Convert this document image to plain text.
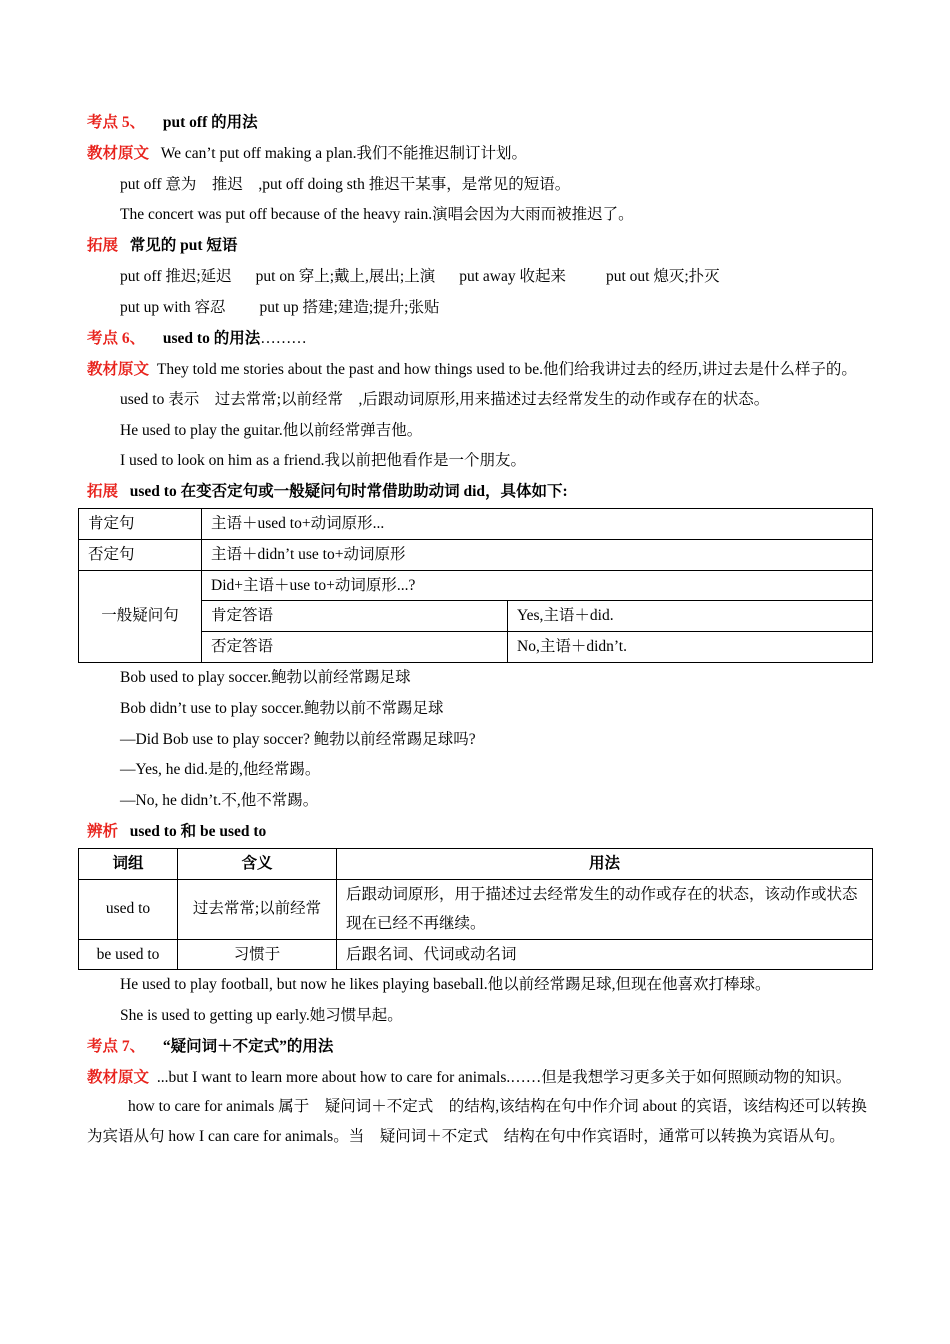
考点 5、 put off 的用法
教材原文 We can’t put off making a plan.我们不能推迟制订计划。
put off 意为　推迟　,put off doing sth 推迟干某事，是常见的短语。
The concert was put off because of the heavy rain.演唱会因为大雨而被推迟了。
拓展 常见的 put 短语
put off 推迟;延迟 put on 穿上;戴上,展出;上演 put away 收起来	put out 熄灭;扑灭
put up with 容忍 put up 搭建;建造;提升;张贴
考点 6、 used to 的用法………
教材原文 They told me stories about the past and how things used to be.他们给我讲过去的经历,讲过去是什么样子的。
used to 表示　过去常常;以前经常　,后跟动词原形,用来描述过去经常发生的动作或存在的状态。
He used to play the guitar.他以前经常弹吉他。
I used to look on him as a friend.我以前把他看作是一个朋友。
拓展 used to 在变否定句或一般疑问句时常借助助动词 did，具体如下:
肯定句	主语＋used to+动词原形...	
否定句	主语＋didn’t use to+动词原形	
一般疑问句	Did+主语＋use to+动词原形...?	
	肯定答语	Yes,主语＋did.
	否定答语	No,主语＋didn’t.
Bob used to play soccer.鲍勃以前经常踢足球
Bob didn’t use to play soccer.鲍勃以前不常踢足球
—Did Bob use to play soccer? 鲍勃以前经常踢足球吗?
—Yes, he did.是的,他经常踢。
—No, he didn’t.不,他不常踢。
辨析 used to 和 be used to
词组	含义	用法
used to	过去常常;以前经常	后跟动词原形，用于描述过去经常发生的动作或存在的状态，该动作或状态现在已经不再继续。
be used to	习惯于	后跟名词、代词或动名词
He used to play football, but now he likes playing baseball.他以前经常踢足球,但现在他喜欢打棒球。
She is used to getting up early.她习惯早起。
考点 7、 “疑问词＋不定式”的用法
教材原文 ...but I want to learn more about how to care for animals.……但是我想学习更多关于如何照顾动物的知识。
how to care for animals 属于　疑问词＋不定式　的结构,该结构在句中作介词 about 的宾语，该结构还可以转换为宾语从句 how I can care for animals。当　疑问词＋不定式　结构在句中作宾语时，通常可以转换为宾语从句。
